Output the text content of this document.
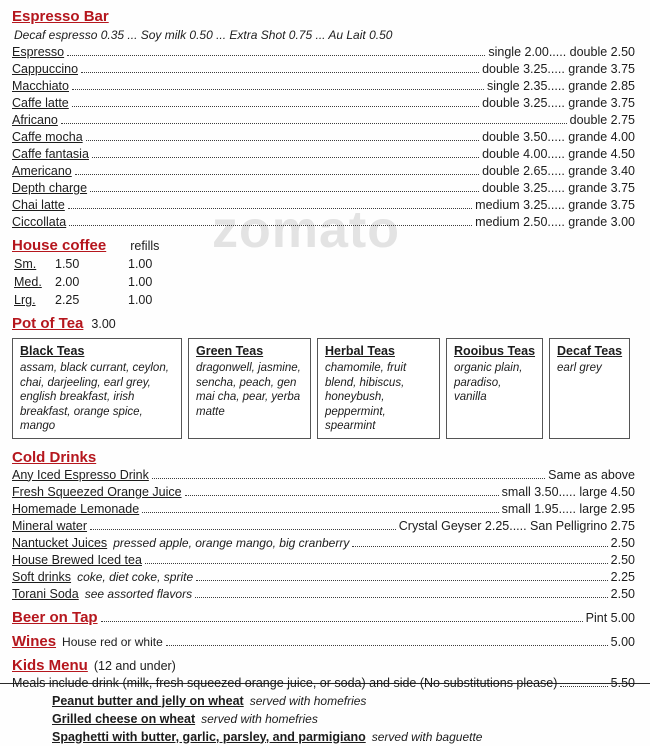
zomato
Espresso Bar
Decaf espresso 0.35 ... Soy milk 0.50 ... Extra Shot 0.75 ... Au Lait 0.50
Espresso	single 2.00..... double 2.50
Cappuccino	double 3.25..... grande 3.75
Macchiato	single 2.35..... grande 2.85
Caffe latte	double 3.25..... grande 3.75
Africano	double 2.75
Caffe mocha	double 3.50..... grande 4.00
Caffe fantasia	double 4.00..... grande 4.50
Americano	double 2.65..... grande 3.40
Depth charge	double 3.25..... grande 3.75
Chai latte	medium 3.25..... grande 3.75
Ciccollata	medium 2.50..... grande 3.00
House coffee refills
Sm.	1.50	1.00
Med.	2.00	1.00
Lrg.	2.25	1.00
Pot of Tea 3.00
Black Teas
assam, black currant, ceylon, chai, darjeeling, earl grey, english breakfast, irish breakfast, orange spice, mango
Green Teas
dragonwell, jasmine, sencha, peach, gen mai cha, pear, yerba matte
Herbal Teas
chamomile, fruit blend, hibiscus, honeybush, peppermint, spearmint
Rooibus Teas
organic plain, paradiso, vanilla
Decaf Teas
earl grey
Cold Drinks
Any Iced Espresso Drink	Same as above
Fresh Squeezed Orange Juice	small 3.50..... large 4.50
Homemade Lemonade	small 1.95..... large 2.95
Mineral water	Crystal Geyser 2.25..... San Pelligrino 2.75
Nantucket Juices pressed apple, orange mango, big cranberry	2.50
House Brewed Iced tea	2.50
Soft drinks coke, diet coke, sprite	2.25
Torani Soda see assorted flavors	2.50
Beer on Tap	Pint 5.00
Wines House red or white	5.00
Kids Menu (12 and under)
Meals include drink (milk, fresh squeezed orange juice, or soda) and side (No substitutions please)	5.50
Peanut butter and jelly on wheat served with homefries
Grilled cheese on wheat served with homefries
Spaghetti with butter, garlic, parsley, and parmigiano served with baguette
